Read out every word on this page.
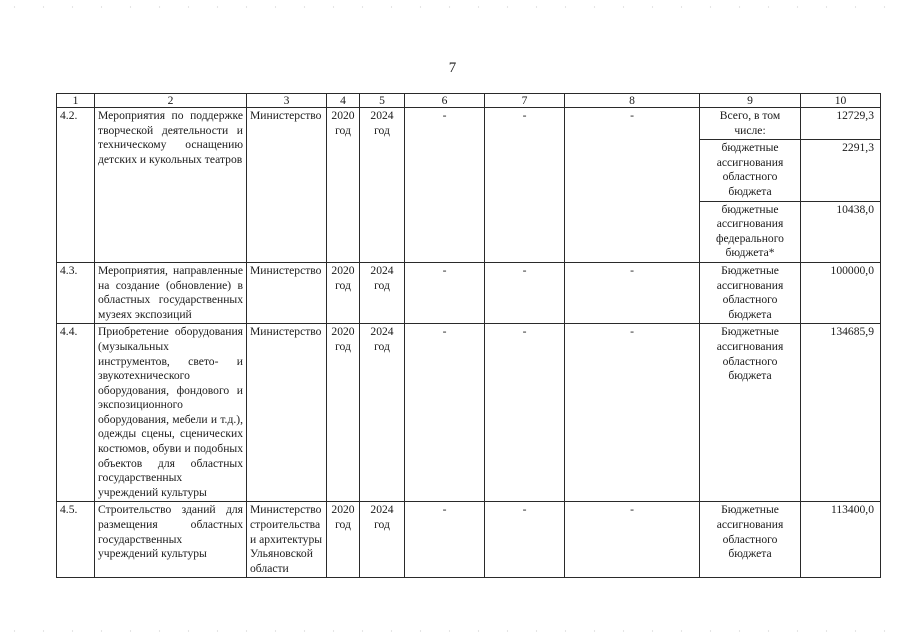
7
1	2	3	4	5	6	7	8	9	10
4.2.	Мероприятия по поддержке творческой деятельности и техническому оснащению детских и кукольных театров	Министерство	2020 год	2024 год	-	-	-	Всего, в том числе:	12729,3
								бюджетные ассигнования областного бюджета	2291,3
								бюджетные ассигнования федерального бюджета*	10438,0
4.3.	Мероприятия, направленные на создание (обновление) в областных государственных музеях экспозиций	Министерство	2020 год	2024 год	-	-	-	Бюджетные ассигнования областного бюджета	100000,0
4.4.	Приобретение оборудования (музыкальных инструментов, свето- и звукотехнического оборудования, фондового и экспозиционного оборудования, мебели и т.д.), одежды сцены, сценических костюмов, обуви и подобных объектов для областных государственных учреждений культуры	Министерство	2020 год	2024 год	-	-	-	Бюджетные ассигнования областного бюджета	134685,9
4.5.	Строительство зданий для размещения областных государственных учреждений культуры	Министерство строительства и архитектуры Ульяновской области	2020 год	2024 год	-	-	-	Бюджетные ассигнования областного бюджета	113400,0
